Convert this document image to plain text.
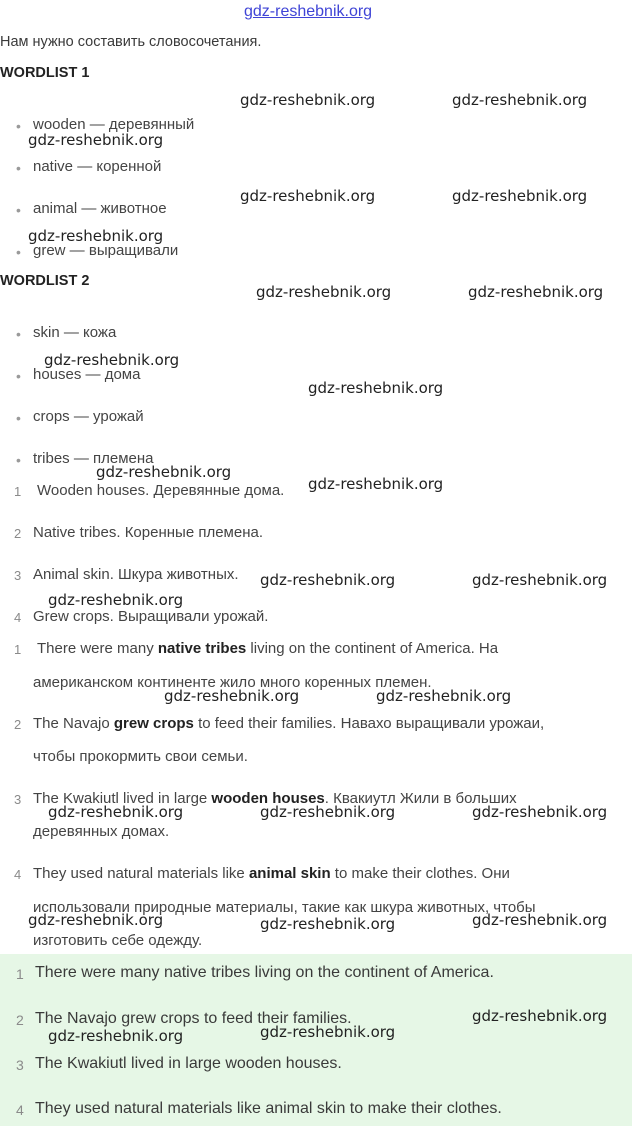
gdz-reshebnik.org
Нам нужно составить словосочетания.
WORDLIST 1
• wooden — деревянный
• native — коренной
• animal — животное
• grew — выращивали
WORDLIST 2
• skin — кожа
• houses — дома
• crops — урожай
• tribes — племена
1 Wooden houses. Деревянные дома.
2 Native tribes. Коренные племена.
3 Animal skin. Шкура животных.
4 Grew crops. Выращивали урожай.
1 There were many native tribes living on the continent of America. На
американском континенте жило много коренных племен.
2 The Navajo grew crops to feed their families. Навахо выращивали урожаи,
чтобы прокормить свои семьи.
3 The Kwakiutl lived in large wooden houses. Квакиутл Жили в больших
деревянных домах.
4 They used natural materials like animal skin to make their clothes. Они
использовали природные материалы, такие как шкура животных, чтобы
изготовить себе одежду.
1 There were many native tribes living on the continent of America.
2 The Navajo grew crops to feed their families.
3 The Kwakiutl lived in large wooden houses.
4 They used natural materials like animal skin to make their clothes.
gdz-reshebnik.org	gdz-reshebnik.org
gdz-reshebnik.org
gdz-reshebnik.org	gdz-reshebnik.org
gdz-reshebnik.org
gdz-reshebnik.org	gdz-reshebnik.org
gdz-reshebnik.org
gdz-reshebnik.org
gdz-reshebnik.org
gdz-reshebnik.org
gdz-reshebnik.org	gdz-reshebnik.org
gdz-reshebnik.org
gdz-reshebnik.org	gdz-reshebnik.org
gdz-reshebnik.org	gdz-reshebnik.org	gdz-reshebnik.org
gdz-reshebnik.org	gdz-reshebnik.org	gdz-reshebnik.org
gdz-reshebnik.org
gdz-reshebnik.org	gdz-reshebnik.org
